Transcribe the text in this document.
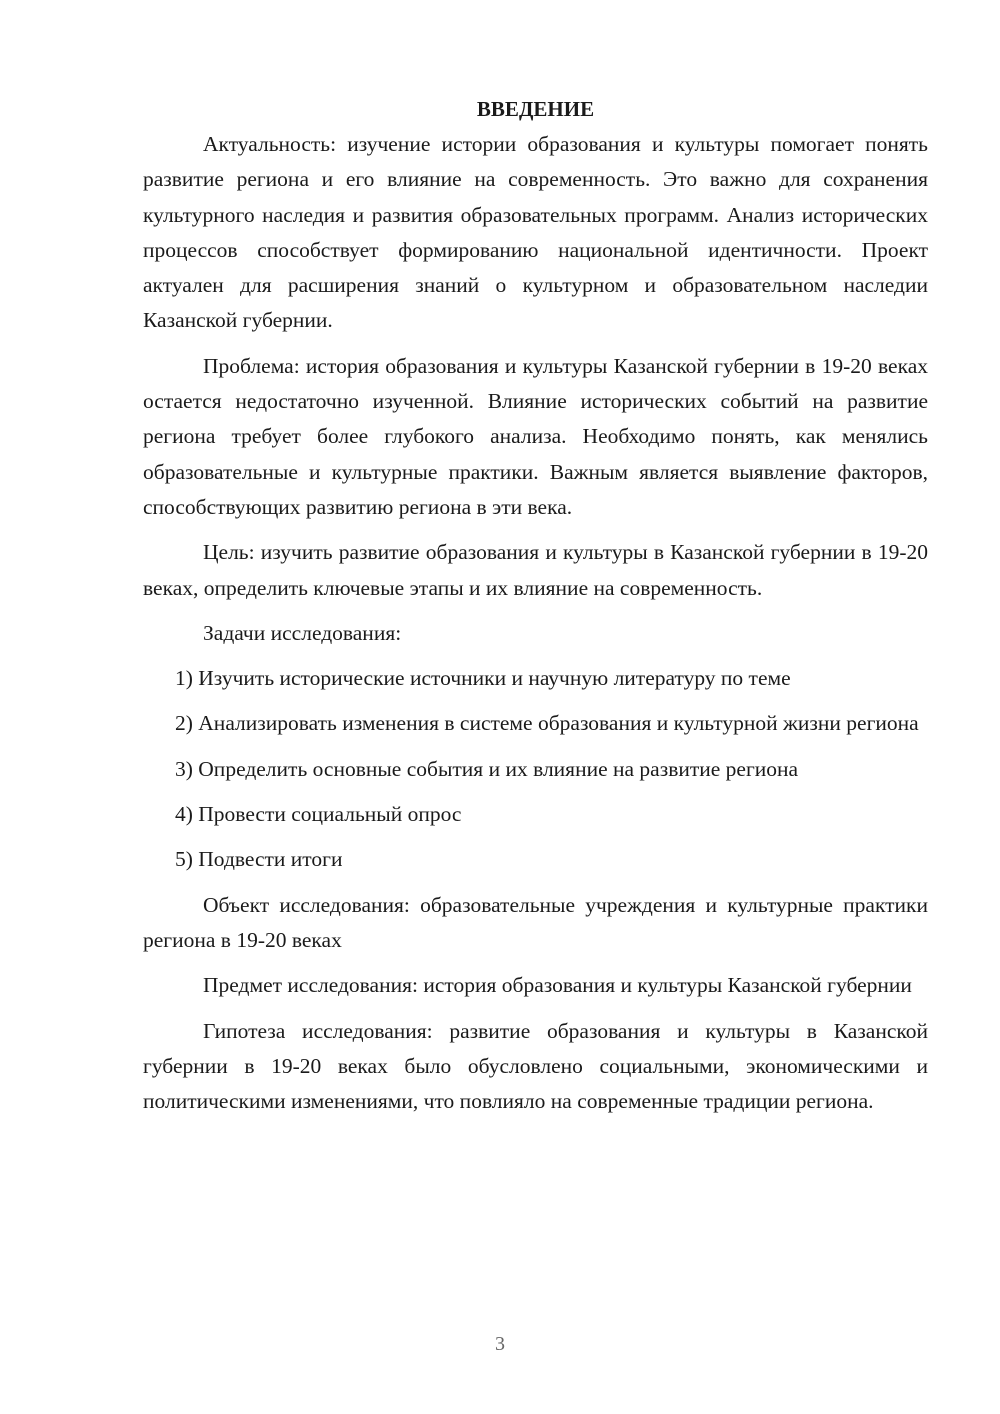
ВВЕДЕНИЕ

Актуальность: изучение истории образования и культуры помогает понять развитие региона и его влияние на современность. Это важно для сохранения культурного наследия и развития образовательных программ. Анализ исторических процессов способствует формированию национальной идентичности. Проект актуален для расширения знаний о культурном и образовательном наследии Казанской губернии.

Проблема: история образования и культуры Казанской губернии в 19-20 веках остается недостаточно изученной. Влияние исторических событий на развитие региона требует более глубокого анализа. Необходимо понять, как менялись образовательные и культурные практики. Важным является выявление факторов, способствующих развитию региона в эти века.

Цель: изучить развитие образования и культуры в Казанской губернии в 19-20 веках, определить ключевые этапы и их влияние на современность.

Задачи исследования:

1) Изучить исторические источники и научную литературу по теме

2) Анализировать изменения в системе образования и культурной жизни региона

3) Определить основные события и их влияние на развитие региона

4) Провести социальный опрос

5) Подвести итоги

Объект исследования: образовательные учреждения и культурные практики региона в 19-20 веках

Предмет исследования: история образования и культуры Казанской губернии

Гипотеза исследования: развитие образования и культуры в Казанской губернии в 19-20 веках было обусловлено социальными, экономическими и политическими изменениями, что повлияло на современные традиции региона.

3
